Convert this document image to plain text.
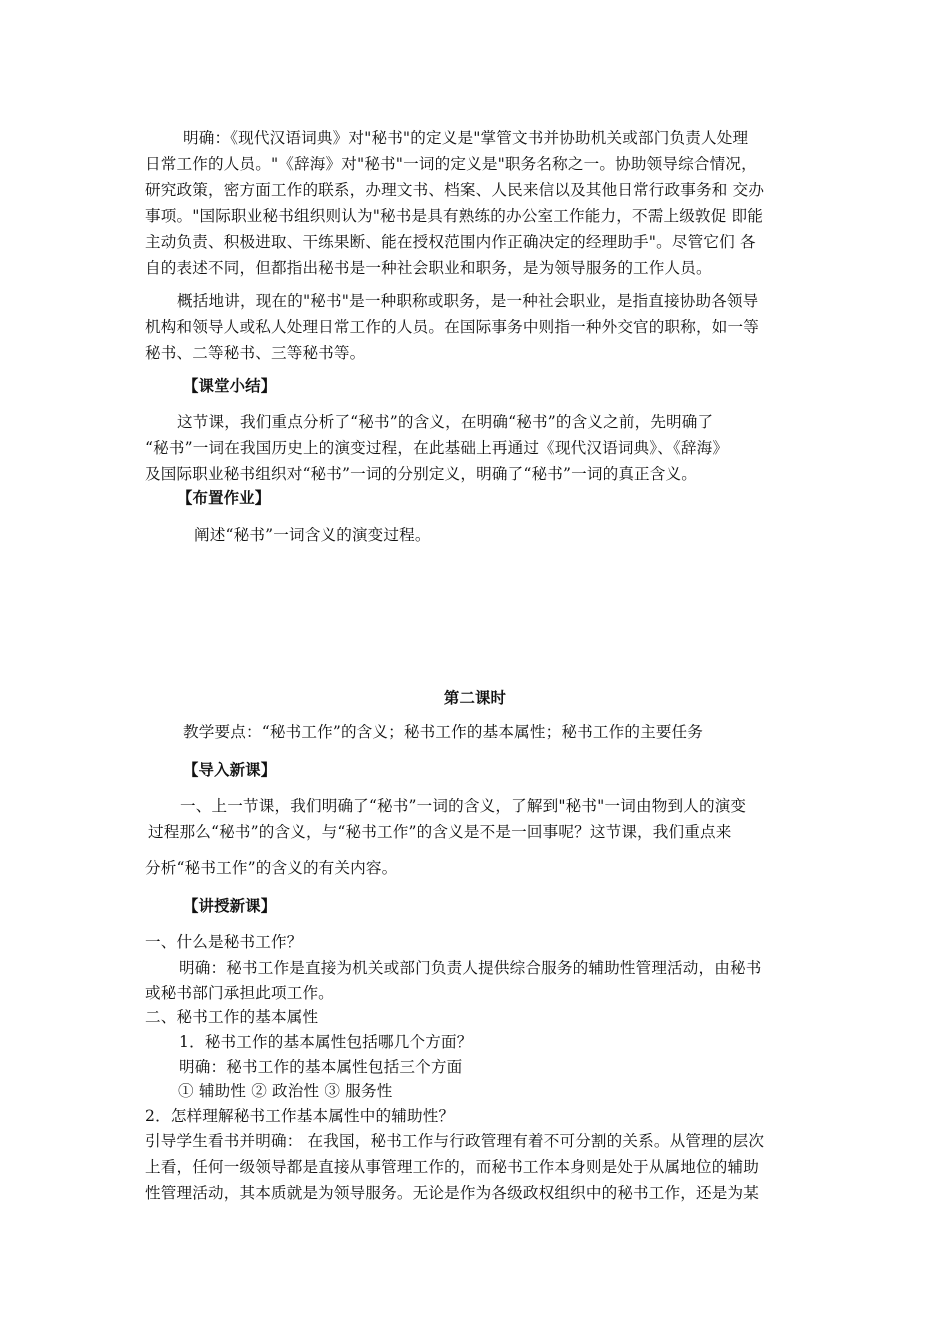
明确：《现代汉语词典》对"秘书"的定义是"掌管文书并协助机关或部门负责人处理
日常工作的人员。"《辞海》对"秘书"一词的定义是"职务名称之一。协助领导综合情况，
研究政策，密方面工作的联系，办理文书、档案、人民来信以及其他日常行政事务和 交办
事项。"国际职业秘书组织则认为"秘书是具有熟练的办公室工作能力，不需上级敦促 即能
主动负责、积极进取、干练果断、能在授权范围内作正确决定的经理助手"。尽管它们 各
自的表述不同，但都指出秘书是一种社会职业和职务，是为领导服务的工作人员。
概括地讲，现在的"秘书"是一种职称或职务，是一种社会职业，是指直接协助各领导
机构和领导人或私人处理日常工作的人员。在国际事务中则指一种外交官的职称，如一等
秘书、二等秘书、三等秘书等。
【课堂小结】
这节课，我们重点分析了“秘书”的含义，在明确“秘书”的含义之前，先明确了
“秘书”一词在我国历史上的演变过程，在此基础上再通过《现代汉语词典》、《辞海》
及国际职业秘书组织对“秘书”一词的分别定义，明确了“秘书”一词的真正含义。
【布置作业】
阐述“秘书”一词含义的演变过程。
第二课时
教学要点：“秘书工作”的含义；秘书工作的基本属性；秘书工作的主要任务
【导入新课】
一、上一节课，我们明确了“秘书”一词的含义，了解到"秘书"一词由物到人的演变
过程那么“秘书”的含义，与“秘书工作”的含义是不是一回事呢？这节课，我们重点来
分析“秘书工作”的含义的有关内容。
【讲授新课】
一、什么是秘书工作？
明确：秘书工作是直接为机关或部门负责人提供综合服务的辅助性管理活动，由秘书
或秘书部门承担此项工作。
二、秘书工作的基本属性
1．秘书工作的基本属性包括哪几个方面？
明确：秘书工作的基本属性包括三个方面
① 辅助性 ② 政治性 ③ 服务性
2．怎样理解秘书工作基本属性中的辅助性？
引导学生看书并明确： 在我国，秘书工作与行政管理有着不可分割的关系。从管理的层次
上看，任何一级领导都是直接从事管理工作的，而秘书工作本身则是处于从属地位的辅助
性管理活动，其本质就是为领导服务。无论是作为各级政权组织中的秘书工作，还是为某
